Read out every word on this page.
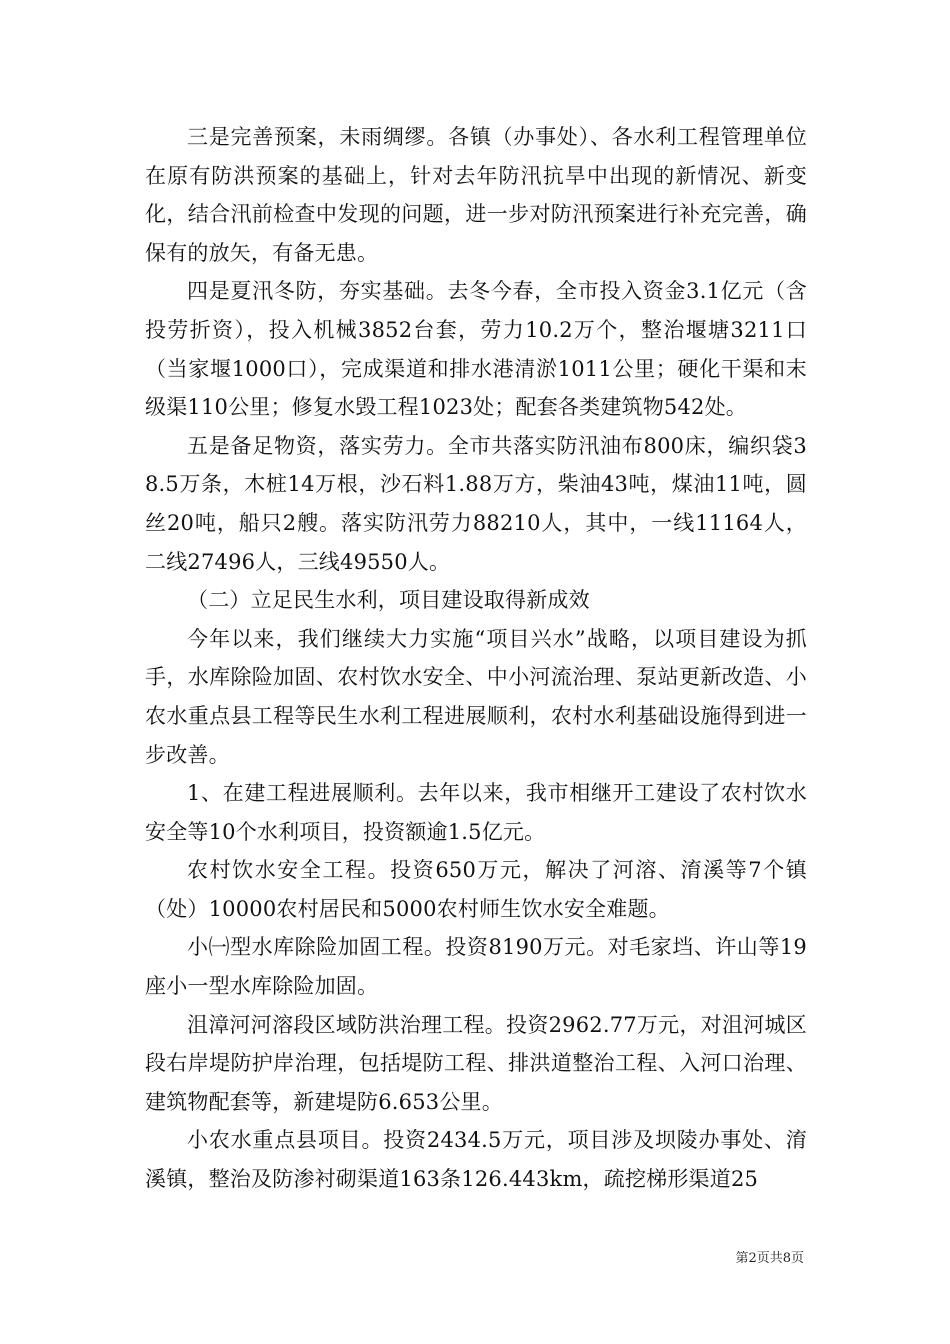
三是完善预案，未雨绸缪。各镇（办事处）、各水利工程管理单位在原有防洪预案的基础上，针对去年防汛抗旱中出现的新情况、新变化，结合汛前检查中发现的问题，进一步对防汛预案进行补充完善，确保有的放矢，有备无患。

四是夏汛冬防，夯实基础。去冬今春，全市投入资金3.1亿元（含投劳折资），投入机械3852台套，劳力10.2万个，整治堰塘3211口（当家堰1000口），完成渠道和排水港清淤1011公里；硬化干渠和末级渠110公里；修复水毁工程1023处；配套各类建筑物542处。

五是备足物资，落实劳力。全市共落实防汛油布800床，编织袋38.5万条，木桩14万根，沙石料1.88万方，柴油43吨，煤油11吨，圆丝20吨，船只2艘。落实防汛劳力88210人，其中，一线11164人，二线27496人，三线49550人。

（二）立足民生水利，项目建设取得新成效

今年以来，我们继续大力实施“项目兴水”战略，以项目建设为抓手，水库除险加固、农村饮水安全、中小河流治理、泵站更新改造、小农水重点县工程等民生水利工程进展顺利，农村水利基础设施得到进一步改善。

1、在建工程进展顺利。去年以来，我市相继开工建设了农村饮水安全等10个水利项目，投资额逾1.5亿元。

农村饮水安全工程。投资650万元，解决了河溶、淯溪等7个镇（处）10000农村居民和5000农村师生饮水安全难题。

小㈠型水库除险加固工程。投资8190万元。对毛家垱、许山等19座小一型水库除险加固。

沮漳河河溶段区域防洪治理工程。投资2962.77万元，对沮河城区段右岸堤防护岸治理，包括堤防工程、排洪道整治工程、入河口治理、建筑物配套等，新建堤防6.653公里。

小农水重点县项目。投资2434.5万元，项目涉及坝陵办事处、淯溪镇，整治及防渗衬砌渠道163条126.443km，疏挖梯形渠道25

第2页共8页
